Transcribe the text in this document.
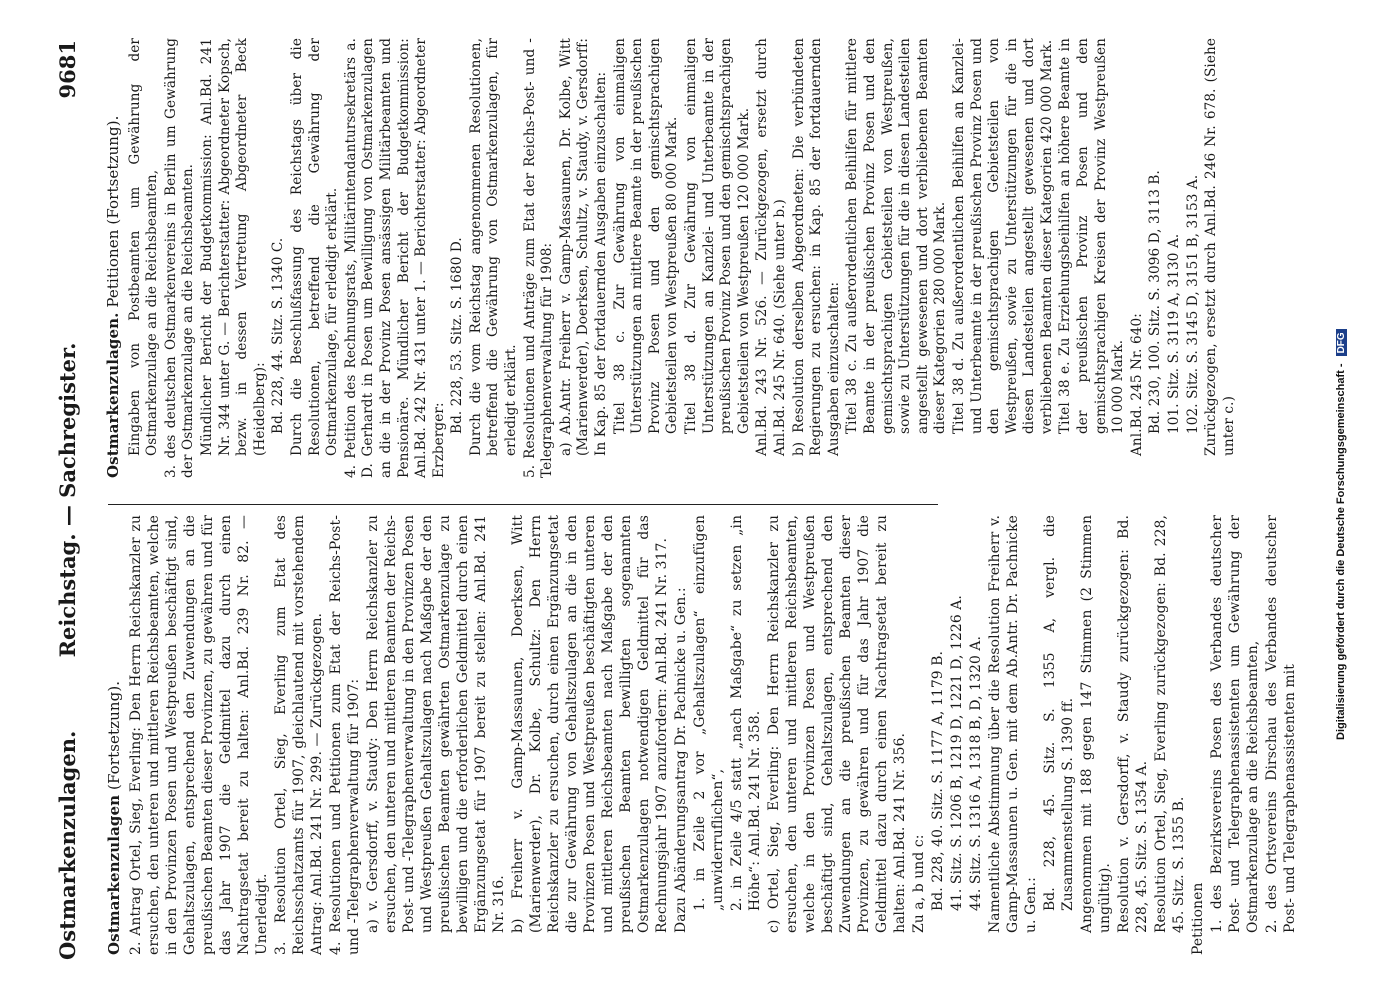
Ostmarkenzulagen.
Reichstag. — Sachregister.
9681
Ostmarkenzulagen (Fortsetzung). 2. Antrag Ortel, Sieg, Everling: Den Herrn Reichskanzler zu ersuchen, den unteren und mittleren Reichsbeamten, welche in den Provinzen Posen und Westpreußen beschäftigt sind, Gehaltszulagen, entsprechend den Zuwendungen an die preußischen Beamten dieser Provinzen, zu gewähren und für das Jahr 1907 die Geldmittel dazu durch einen Nachtragsetat bereit zu halten: Anl.Bd. 239 Nr. 82. — Unerledigt. 3. Resolution Ortel, Sieg, Everling zum Etat des Reichsschatzamts für 1907, gleichlautend mit vorstehendem Antrag: Anl.Bd. 241 Nr. 299. — Zurückgezogen. 4. Resolutionen und Petitionen zum Etat der Reichs-Post- und -Telegraphenverwaltung für 1907: a) v. Gersdorff, v. Staudy: Den Herrn Reichskanzler zu ersuchen, den unteren und mittleren Beamten der Reichs-Post- und -Telegraphenverwaltung in den Provinzen Posen und Westpreußen Gehaltszulagen nach Maßgabe der den preußischen Beamten gewährten Ostmarkenzulage zu bewilligen und die erforderlichen Geldmittel durch einen Ergänzungsetat für 1907 bereit zu stellen: Anl.Bd. 241 Nr. 316. b) Freiherr v. Gamp-Massaunen, Doerksen, Witt (Marienwerder), Dr. Kolbe, Schultz: Den Herrn Reichskanzler zu ersuchen, durch einen Ergänzungsetat die zur Gewährung von Gehaltszulagen an die in den Provinzen Posen und Westpreußen beschäftigten unteren und mittleren Reichsbeamten nach Maßgabe der den preußischen Beamten bewilligten sogenannten Ostmarkenzulagen notwendigen Geldmittel für das Rechnungsjahr 1907 anzufordern: Anl.Bd. 241 Nr. 317. Dazu Abänderungsantrag Dr. Pachnicke u. Gen.: 1. in Zeile 2 vor „Gehaltszulagen“ einzufügen „unwiderruflichen“, 2. in Zeile 4/5 statt „nach Maßgabe“ zu setzen „in Höhe“: Anl.Bd. 241 Nr. 358. c) Ortel, Sieg, Everling: Den Herrn Reichskanzler zu ersuchen, den unteren und mittleren Reichsbeamten, welche in den Provinzen Posen und Westpreußen beschäftigt sind, Gehaltszulagen, entsprechend den Zuwendungen an die preußischen Beamten dieser Provinzen, zu gewähren und für das Jahr 1907 die Geldmittel dazu durch einen Nachtragsetat bereit zu halten: Anl.Bd. 241 Nr. 356. Zu a, b und c: Bd. 228, 40. Sitz. S. 1177 A, 1179 B. 41. Sitz. S. 1206 B, 1219 D, 1221 D, 1226 A. 44. Sitz. S. 1316 A, 1318 B, D, 1320 A. Namentliche Abstimmung über die Resolution Freiherr v. Gamp-Massaunen u. Gen. mit dem Ab.Antr. Dr. Pachnicke u. Gen.: Bd. 228, 45. Sitz. S. 1355 A, vergl. die Zusammenstellung S. 1390 ff. Angenommen mit 188 gegen 147 Stimmen (2 Stimmen ungültig). Resolution v. Gersdorff, v. Staudy zurückgezogen: Bd. 228, 45. Sitz. S. 1354 A. Resolution Ortel, Sieg, Everling zurückgezogen: Bd. 228, 45. Sitz. S. 1355 B. Petitionen 1. des Bezirksvereins Posen des Verbandes deutscher Post- und Telegraphenassistenten um Gewährung der Ostmarkenzulage an die Reichsbeamten, 2. des Ortsvereins Dirschau des Verbandes deutscher Post- und Telegraphenassistenten mit

Ostmarkenzulagen. Petitionen (Fortsetzung). Eingaben von Postbeamten um Gewährung der Ostmarkenzulage an die Reichsbeamten, 3. des deutschen Ostmarkenvereins in Berlin um Gewährung der Ostmarkenzulage an die Reichsbeamten. Mündlicher Bericht der Budgetkommission: Anl.Bd. 241 Nr. 344 unter G. — Berichterstatter: Abgeordneter Kopsch, bezw. in dessen Vertretung Abgeordneter Beck (Heidelberg): Bd. 228, 44. Sitz. S. 1340 C. Durch die Beschlußfassung des Reichstags über die Resolutionen, betreffend die Gewährung der Ostmarkenzulage, für erledigt erklärt. 4. Petition des Rechnungsrats, Militärintendantursekretärs a. D. Gerhardt in Posen um Bewilligung von Ostmarkenzulagen an die in der Provinz Posen ansässigen Militärbeamten und Pensionäre. Mündlicher Bericht der Budgetkommission: Anl.Bd. 242 Nr. 431 unter 1. — Berichterstatter: Abgeordneter Erzberger:

Bd. 228, 53. Sitz. S. 1680 D. Durch die vom Reichstag angenommenen Resolutionen, betreffend die Gewährung von Ostmarkenzulagen, für erledigt erklärt. 5. Resolutionen und Anträge zum Etat der Reichs-Post- und -Telegraphenverwaltung für 1908: a) Ab.Antr. Freiherr v. Gamp-Massaunen, Dr. Kolbe, Witt (Marienwerder), Doerksen, Schultz, v. Staudy, v. Gersdorff: In Kap. 85 der fortdauernden Ausgaben einzuschalten: Titel 38 c. Zur Gewährung von einmaligen Unterstützungen an mittlere Beamte in der preußischen Provinz Posen und den gemischtsprachigen Gebietsteilen von Westpreußen 80 000 Mark. Titel 38 d. Zur Gewährung von einmaligen Unterstützungen an Kanzlei- und Unterbeamte in der preußischen Provinz Posen und den gemischtsprachigen Gebietsteilen von Westpreußen 120 000 Mark. Anl.Bd. 243 Nr. 526. — Zurückgezogen, ersetzt durch Anl.Bd. 245 Nr. 640. (Siehe unter b.) b) Resolution derselben Abgeordneten: Die verbündeten Regierungen zu ersuchen: in Kap. 85 der fortdauernden Ausgaben einzuschalten: Titel 38 c. Zu außerordentlichen Beihilfen für mittlere Beamte in der preußischen Provinz Posen und den gemischtsprachigen Gebietsteilen von Westpreußen, sowie zu Unterstützungen für die in diesen Landesteilen angestellt gewesenen und dort verbliebenen Beamten dieser Kategorien 280 000 Mark. Titel 38 d. Zu außerordentlichen Beihilfen an Kanzlei- und Unterbeamte in der preußischen Provinz Posen und den gemischtsprachigen Gebietsteilen von Westpreußen, sowie zu Unterstützungen für die in diesen Landesteilen angestellt gewesenen und dort verbliebenen Beamten dieser Kategorien 420 000 Mark. Titel 38 e. Zu Erziehungsbeihilfen an höhere Beamte in der preußischen Provinz Posen und den gemischtsprachigen Kreisen der Provinz Westpreußen 10 000 Mark. Anl.Bd. 245 Nr. 640: Bd. 230, 100. Sitz. S. 3096 D, 3113 B. 101. Sitz. S. 3119 A, 3130 A. 102. Sitz. S. 3145 D, 3151 B, 3153 A. Zurückgezogen, ersetzt durch Anl.Bd. 246 Nr. 678. (Siehe unter c.)	Digitalisierung gefördert durch die Deutsche Forschungsgemeinschaft - DFG
